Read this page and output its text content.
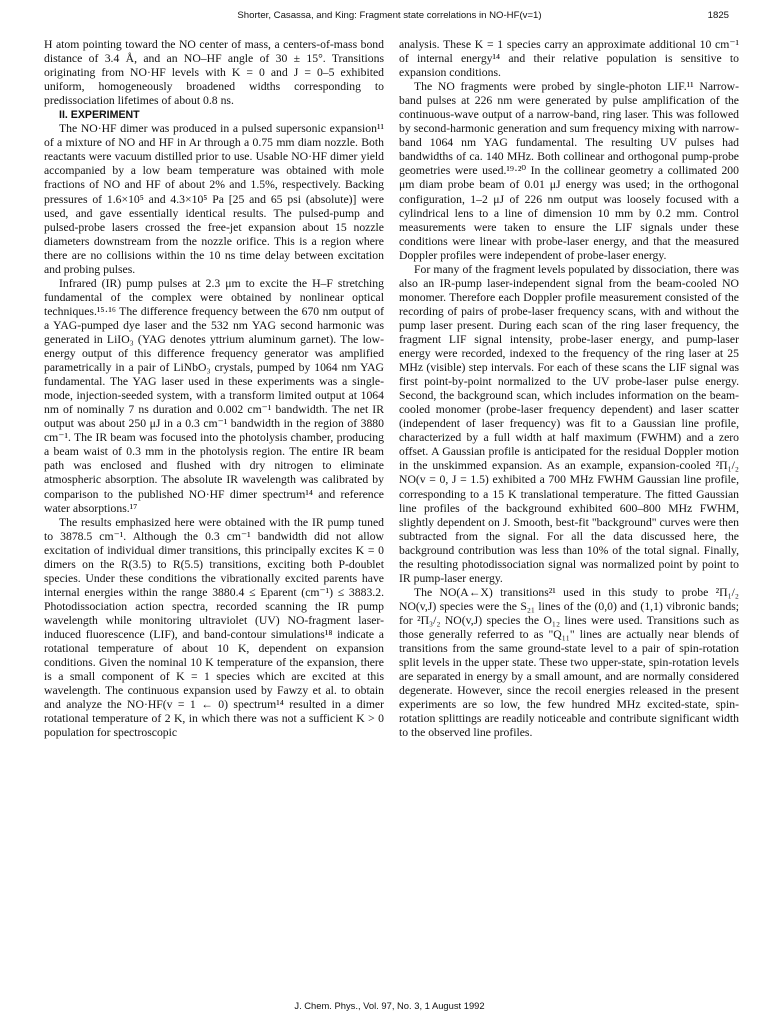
Shorter, Casassa, and King: Fragment state correlations in NO-HF(v=1)	1825

H atom pointing toward the NO center of mass, a centers-of-mass bond distance of 3.4 Å, and an NO–HF angle of 30 ± 15°. Transitions originating from NO·HF levels with K = 0 and J = 0–5 exhibited uniform, homogeneously broadened widths corresponding to predissociation lifetimes of about 0.8 ns.

II. EXPERIMENT

The NO·HF dimer was produced in a pulsed supersonic expansion¹¹ of a mixture of NO and HF in Ar through a 0.75 mm diam nozzle. Both reactants were vacuum distilled prior to use. Usable NO·HF dimer yield accompanied by a low beam temperature was obtained with mole fractions of NO and HF of about 2% and 1.5%, respectively. Backing pressures of 1.6×10⁵ and 4.3×10⁵ Pa [25 and 65 psi (absolute)] were used, and gave essentially identical results. The pulsed-pump and pulsed-probe lasers crossed the free-jet expansion about 15 nozzle diameters downstream from the nozzle orifice. This is a region where there are no collisions within the 10 ns time delay between excitation and probing pulses.

Infrared (IR) pump pulses at 2.3 μm to excite the H–F stretching fundamental of the complex were obtained by nonlinear optical techniques.¹⁵·¹⁶ The difference frequency between the 670 nm output of a YAG-pumped dye laser and the 532 nm YAG second harmonic was generated in LiIO₃ (YAG denotes yttrium aluminum garnet). The low-energy output of this difference frequency generator was amplified parametrically in a pair of LiNbO₃ crystals, pumped by 1064 nm YAG fundamental. The YAG laser used in these experiments was a single-mode, injection-seeded system, with a transform limited output at 1064 nm of nominally 7 ns duration and 0.002 cm⁻¹ bandwidth. The net IR output was about 250 μJ in a 0.3 cm⁻¹ bandwidth in the region of 3880 cm⁻¹. The IR beam was focused into the photolysis chamber, producing a beam waist of 0.3 mm in the photolysis region. The entire IR beam path was enclosed and flushed with dry nitrogen to eliminate atmospheric absorption. The absolute IR wavelength was calibrated by comparison to the published NO·HF dimer spectrum¹⁴ and reference water absorptions.¹⁷

The results emphasized here were obtained with the IR pump tuned to 3878.5 cm⁻¹. Although the 0.3 cm⁻¹ bandwidth did not allow excitation of individual dimer transitions, this principally excites K = 0 dimers on the R(3.5) to R(5.5) transitions, exciting both P-doublet species. Under these conditions the vibrationally excited parents have internal energies within the range 3880.4 ≤ Eparent (cm⁻¹) ≤ 3883.2. Photodissociation action spectra, recorded scanning the IR pump wavelength while monitoring ultraviolet (UV) NO-fragment laser-induced fluorescence (LIF), and band-contour simulations¹⁸ indicate a rotational temperature of about 10 K, dependent on expansion conditions. Given the nominal 10 K temperature of the expansion, there is a small component of K = 1 species which are excited at this wavelength. The continuous expansion used by Fawzy et al. to obtain and analyze the NO·HF(v = 1 ← 0) spectrum¹⁴ resulted in a dimer rotational temperature of 2 K, in which there was not a sufficient K > 0 population for spectroscopic

analysis. These K = 1 species carry an approximate additional 10 cm⁻¹ of internal energy¹⁴ and their relative population is sensitive to expansion conditions.

The NO fragments were probed by single-photon LIF.¹¹ Narrow-band pulses at 226 nm were generated by pulse amplification of the continuous-wave output of a narrow-band, ring laser. This was followed by second-harmonic generation and sum frequency mixing with narrow-band 1064 nm YAG fundamental. The resulting UV pulses had bandwidths of ca. 140 MHz. Both collinear and orthogonal pump-probe geometries were used.¹⁹·²⁰ In the collinear geometry a collimated 200 μm diam probe beam of 0.01 μJ energy was used; in the orthogonal configuration, 1–2 μJ of 226 nm output was loosely focused with a cylindrical lens to a line of dimension 10 mm by 0.2 mm. Control measurements were taken to ensure the LIF signals under these conditions were linear with probe-laser energy, and that the measured Doppler profiles were independent of probe-laser energy.

For many of the fragment levels populated by dissociation, there was also an IR-pump laser-independent signal from the beam-cooled NO monomer. Therefore each Doppler profile measurement consisted of the recording of pairs of probe-laser frequency scans, with and without the pump laser present. During each scan of the ring laser frequency, the fragment LIF signal intensity, probe-laser energy, and pump-laser energy were recorded, indexed to the frequency of the ring laser at 25 MHz (visible) step intervals. For each of these scans the LIF signal was first point-by-point normalized to the UV probe-laser pulse energy. Second, the background scan, which includes information on the beam-cooled monomer (probe-laser frequency dependent) and laser scatter (independent of laser frequency) was fit to a Gaussian line profile, characterized by a full width at half maximum (FWHM) and a zero offset. A Gaussian profile is anticipated for the residual Doppler motion in the unskimmed expansion. As an example, expansion-cooled ²Π₁/₂ NO(v = 0, J = 1.5) exhibited a 700 MHz FWHM Gaussian line profile, corresponding to a 15 K translational temperature. The fitted Gaussian line profiles of the background exhibited 600–800 MHz FWHM, slightly dependent on J. Smooth, best-fit "background" curves were then subtracted from the signal. For all the data discussed here, the background contribution was less than 10% of the total signal. Finally, the resulting photodissociation signal was normalized point by point to IR pump-laser energy.

The NO(A←X) transitions²¹ used in this study to probe ²Π₁/₂ NO(v,J) species were the S₂₁ lines of the (0,0) and (1,1) vibronic bands; for ²Π₃/₂ NO(v,J) species the O₁₂ lines were used. Transitions such as those generally referred to as "Q₁₁" lines are actually near blends of transitions from the same ground-state level to a pair of spin-rotation split levels in the upper state. These two upper-state, spin-rotation levels are separated in energy by a small amount, and are normally considered degenerate. However, since the recoil energies released in the present experiments are so low, the few hundred MHz excited-state, spin-rotation splittings are readily noticeable and contribute significant width to the observed line profiles.

J. Chem. Phys., Vol. 97, No. 3, 1 August 1992
